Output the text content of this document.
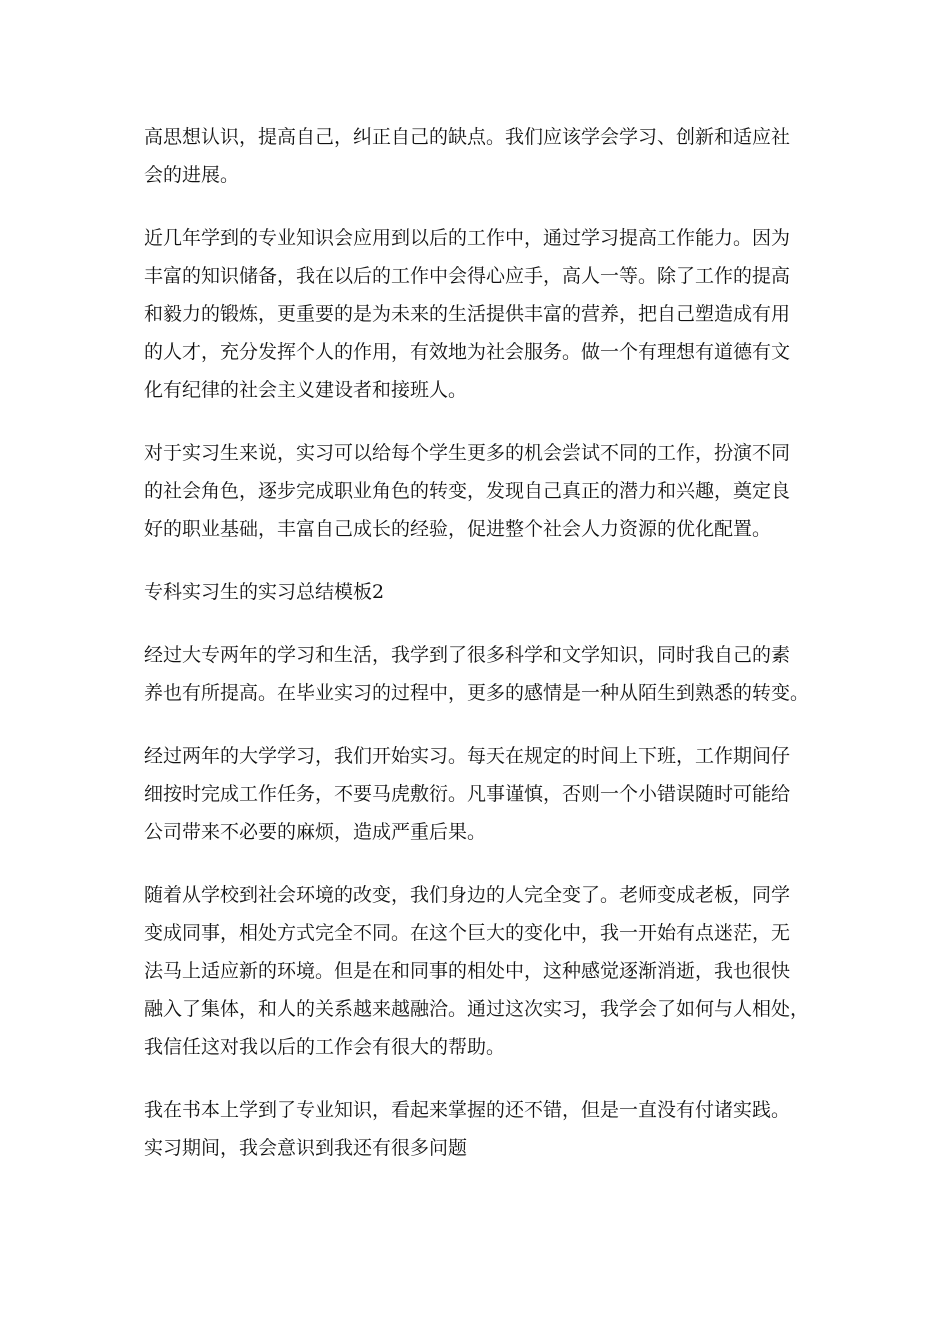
高思想认识，提高自己，纠正自己的缺点。我们应该学会学习、创新和适应社
会的进展。

近几年学到的专业知识会应用到以后的工作中，通过学习提高工作能力。因为
丰富的知识储备，我在以后的工作中会得心应手，高人一等。除了工作的提高
和毅力的锻炼，更重要的是为未来的生活提供丰富的营养，把自己塑造成有用
的人才，充分发挥个人的作用，有效地为社会服务。做一个有理想有道德有文
化有纪律的社会主义建设者和接班人。

对于实习生来说，实习可以给每个学生更多的机会尝试不同的工作，扮演不同
的社会角色，逐步完成职业角色的转变，发现自己真正的潜力和兴趣，奠定良
好的职业基础，丰富自己成长的经验，促进整个社会人力资源的优化配置。

专科实习生的实习总结模板2

经过大专两年的学习和生活，我学到了很多科学和文学知识，同时我自己的素
养也有所提高。在毕业实习的过程中，更多的感情是一种从陌生到熟悉的转变。

经过两年的大学学习，我们开始实习。每天在规定的时间上下班，工作期间仔
细按时完成工作任务，不要马虎敷衍。凡事谨慎，否则一个小错误随时可能给
公司带来不必要的麻烦，造成严重后果。

随着从学校到社会环境的改变，我们身边的人完全变了。老师变成老板，同学
变成同事，相处方式完全不同。在这个巨大的变化中，我一开始有点迷茫，无
法马上适应新的环境。但是在和同事的相处中，这种感觉逐渐消逝，我也很快
融入了集体，和人的关系越来越融洽。通过这次实习，我学会了如何与人相处，
我信任这对我以后的工作会有很大的帮助。

我在书本上学到了专业知识，看起来掌握的还不错，但是一直没有付诸实践。
实习期间，我会意识到我还有很多问题
